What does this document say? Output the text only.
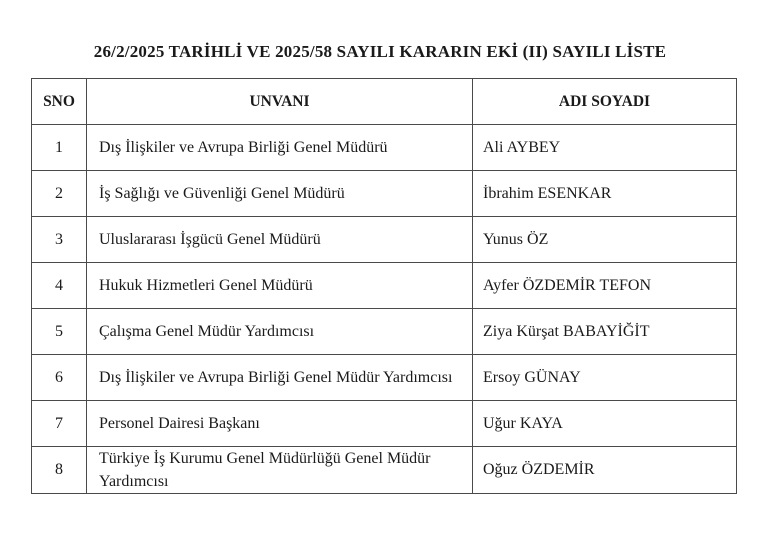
26/2/2025 TARİHLİ VE 2025/58 SAYILI KARARIN EKİ (II) SAYILI LİSTE
SNO	UNVANI	ADI SOYADI
1	Dış İlişkiler ve Avrupa Birliği Genel Müdürü	Ali AYBEY
2	İş Sağlığı ve Güvenliği Genel Müdürü	İbrahim ESENKAR
3	Uluslararası İşgücü Genel Müdürü	Yunus ÖZ
4	Hukuk Hizmetleri Genel Müdürü	Ayfer ÖZDEMİR TEFON
5	Çalışma Genel Müdür Yardımcısı	Ziya Kürşat BABAYİĞİT
6	Dış İlişkiler ve Avrupa Birliği Genel Müdür Yardımcısı	Ersoy GÜNAY
7	Personel Dairesi Başkanı	Uğur KAYA
8	Türkiye İş Kurumu Genel Müdürlüğü Genel Müdür Yardımcısı	Oğuz ÖZDEMİR
